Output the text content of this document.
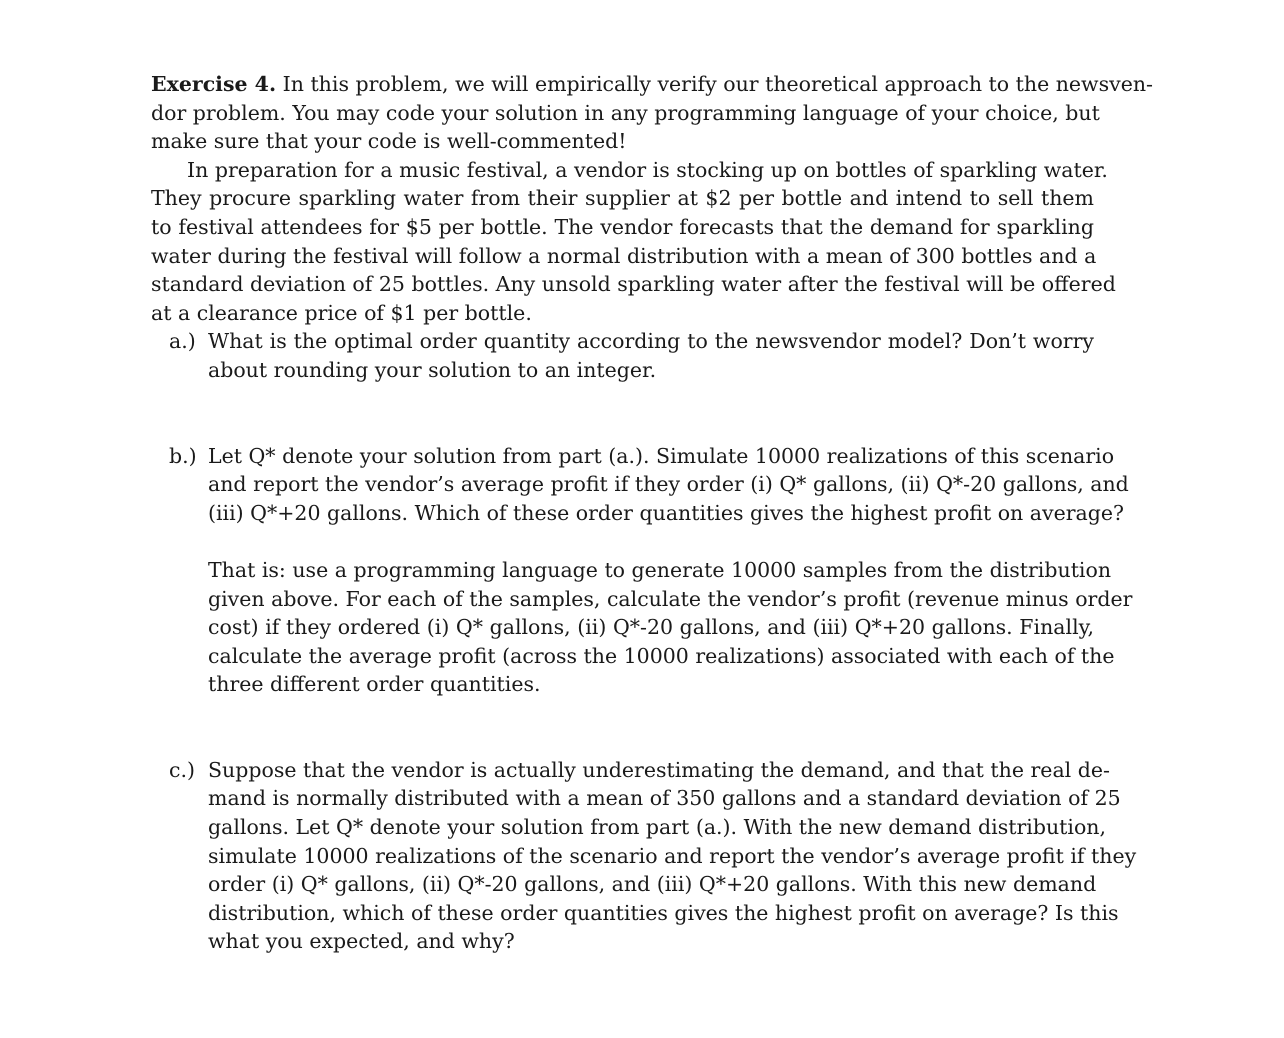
Exercise 4. In this problem, we will empirically verify our theoretical approach to the newsven-
dor problem. You may code your solution in any programming language of your choice, but
make sure that your code is well-commented!
In preparation for a music festival, a vendor is stocking up on bottles of sparkling water.
They procure sparkling water from their supplier at $2 per bottle and intend to sell them
to festival attendees for $5 per bottle. The vendor forecasts that the demand for sparkling
water during the festival will follow a normal distribution with a mean of 300 bottles and a
standard deviation of 25 bottles. Any unsold sparkling water after the festival will be offered
at a clearance price of $1 per bottle.
a.) What is the optimal order quantity according to the newsvendor model? Don’t worry
about rounding your solution to an integer.
b.) Let Q* denote your solution from part (a.). Simulate 10000 realizations of this scenario
and report the vendor’s average profit if they order (i) Q* gallons, (ii) Q*-20 gallons, and
(iii) Q*+20 gallons. Which of these order quantities gives the highest profit on average?
That is: use a programming language to generate 10000 samples from the distribution
given above. For each of the samples, calculate the vendor’s profit (revenue minus order
cost) if they ordered (i) Q* gallons, (ii) Q*-20 gallons, and (iii) Q*+20 gallons. Finally,
calculate the average profit (across the 10000 realizations) associated with each of the
three different order quantities.
c.) Suppose that the vendor is actually underestimating the demand, and that the real de-
mand is normally distributed with a mean of 350 gallons and a standard deviation of 25
gallons. Let Q* denote your solution from part (a.). With the new demand distribution,
simulate 10000 realizations of the scenario and report the vendor’s average profit if they
order (i) Q* gallons, (ii) Q*-20 gallons, and (iii) Q*+20 gallons. With this new demand
distribution, which of these order quantities gives the highest profit on average? Is this
what you expected, and why?
